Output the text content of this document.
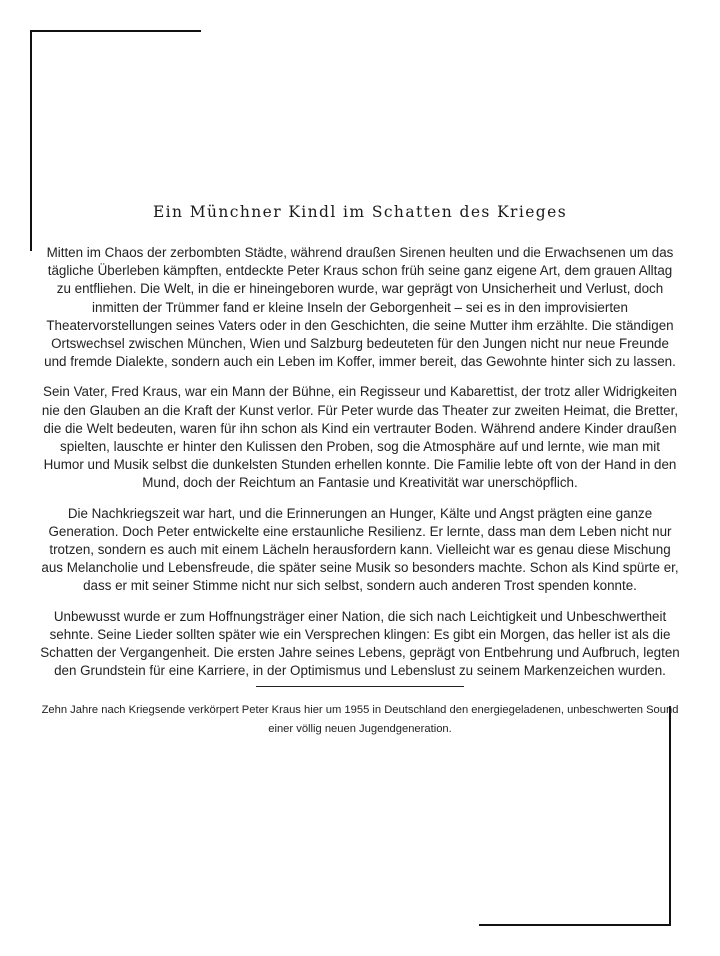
Ein Münchner Kindl im Schatten des Krieges

Mitten im Chaos der zerbombten Städte, während draußen Sirenen heulten und die Erwachsenen um das tägliche Überleben kämpften, entdeckte Peter Kraus schon früh seine ganz eigene Art, dem grauen Alltag zu entfliehen. Die Welt, in die er hineingeboren wurde, war geprägt von Unsicherheit und Verlust, doch inmitten der Trümmer fand er kleine Inseln der Geborgenheit – sei es in den improvisierten Theatervorstellungen seines Vaters oder in den Geschichten, die seine Mutter ihm erzählte. Die ständigen Ortswechsel zwischen München, Wien und Salzburg bedeuteten für den Jungen nicht nur neue Freunde und fremde Dialekte, sondern auch ein Leben im Koffer, immer bereit, das Gewohnte hinter sich zu lassen.

Sein Vater, Fred Kraus, war ein Mann der Bühne, ein Regisseur und Kabarettist, der trotz aller Widrigkeiten nie den Glauben an die Kraft der Kunst verlor. Für Peter wurde das Theater zur zweiten Heimat, die Bretter, die die Welt bedeuten, waren für ihn schon als Kind ein vertrauter Boden. Während andere Kinder draußen spielten, lauschte er hinter den Kulissen den Proben, sog die Atmosphäre auf und lernte, wie man mit Humor und Musik selbst die dunkelsten Stunden erhellen konnte. Die Familie lebte oft von der Hand in den Mund, doch der Reichtum an Fantasie und Kreativität war unerschöpflich.

Die Nachkriegszeit war hart, und die Erinnerungen an Hunger, Kälte und Angst prägten eine ganze Generation. Doch Peter entwickelte eine erstaunliche Resilienz. Er lernte, dass man dem Leben nicht nur trotzen, sondern es auch mit einem Lächeln herausfordern kann. Vielleicht war es genau diese Mischung aus Melancholie und Lebensfreude, die später seine Musik so besonders machte. Schon als Kind spürte er, dass er mit seiner Stimme nicht nur sich selbst, sondern auch anderen Trost spenden konnte.

Unbewusst wurde er zum Hoffnungsträger einer Nation, die sich nach Leichtigkeit und Unbeschwertheit sehnte. Seine Lieder sollten später wie ein Versprechen klingen: Es gibt ein Morgen, das heller ist als die Schatten der Vergangenheit. Die ersten Jahre seines Lebens, geprägt von Entbehrung und Aufbruch, legten den Grundstein für eine Karriere, in der Optimismus und Lebenslust zu seinem Markenzeichen wurden.

Zehn Jahre nach Kriegsende verkörpert Peter Kraus hier um 1955 in Deutschland den energiegeladenen, unbeschwerten Sound einer völlig neuen Jugendgeneration.
